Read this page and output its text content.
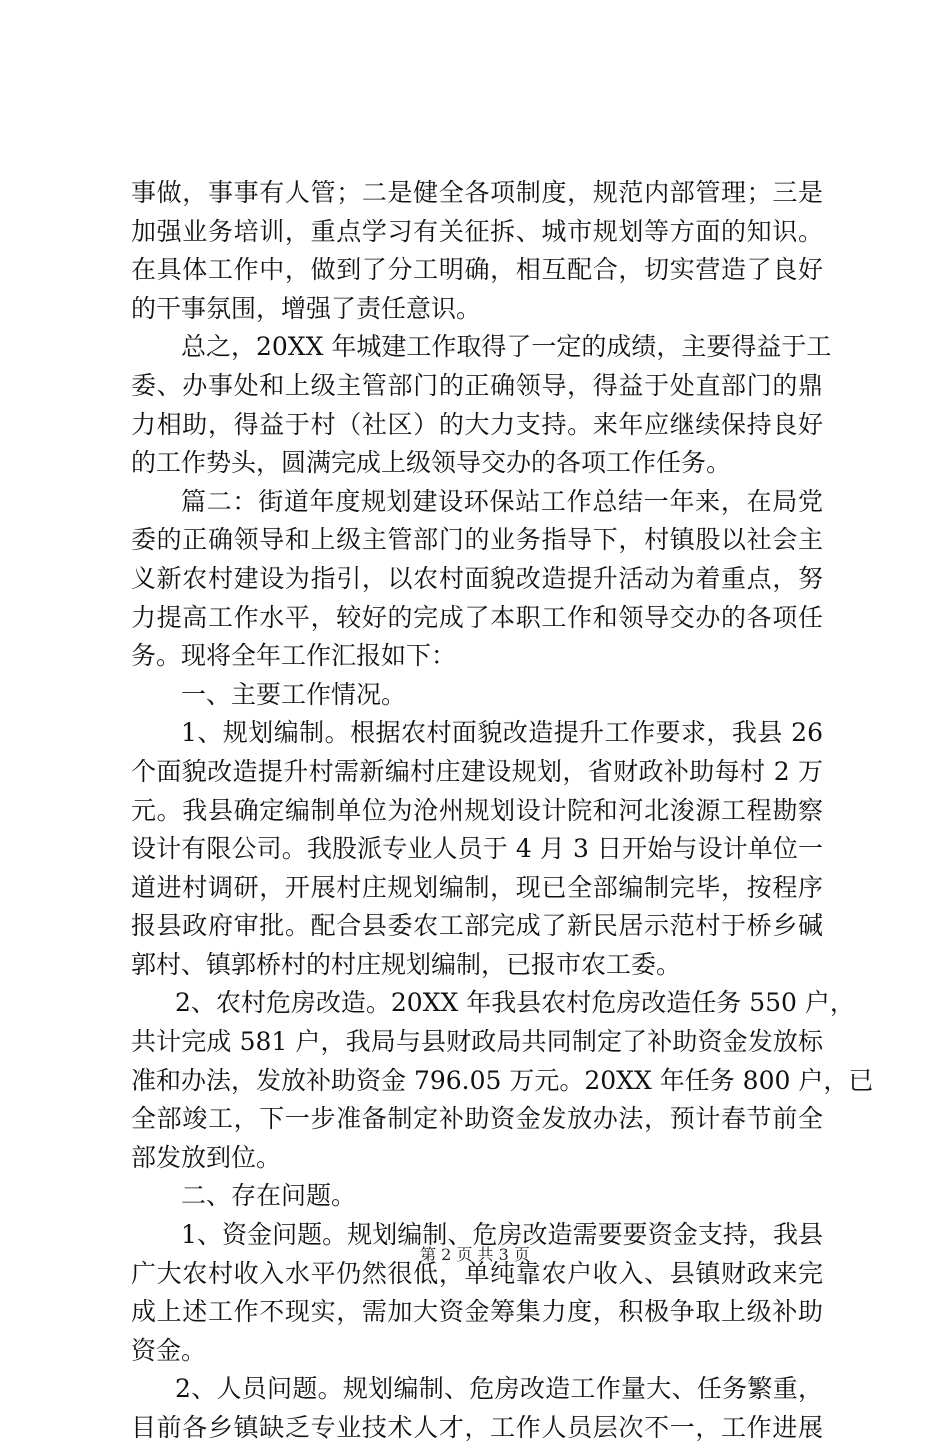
事做，事事有人管；二是健全各项制度，规范内部管理；三是
加强业务培训，重点学习有关征拆、城市规划等方面的知识。
在具体工作中，做到了分工明确，相互配合，切实营造了良好
的干事氛围，增强了责任意识。
总之，20XX 年城建工作取得了一定的成绩，主要得益于工
委、办事处和上级主管部门的正确领导，得益于处直部门的鼎
力相助，得益于村（社区）的大力支持。来年应继续保持良好
的工作势头，圆满完成上级领导交办的各项工作任务。
篇二：街道年度规划建设环保站工作总结一年来，在局党
委的正确领导和上级主管部门的业务指导下，村镇股以社会主
义新农村建设为指引，以农村面貌改造提升活动为着重点，努
力提高工作水平，较好的完成了本职工作和领导交办的各项任
务。现将全年工作汇报如下：
一、主要工作情况。
1、规划编制。根据农村面貌改造提升工作要求，我县 26
个面貌改造提升村需新编村庄建设规划，省财政补助每村 2 万
元。我县确定编制单位为沧州规划设计院和河北浚源工程勘察
设计有限公司。我股派专业人员于 4 月 3 日开始与设计单位一
道进村调研，开展村庄规划编制，现已全部编制完毕，按程序
报县政府审批。配合县委农工部完成了新民居示范村于桥乡碱
郭村、镇郭桥村的村庄规划编制，已报市农工委。
2、农村危房改造。20XX 年我县农村危房改造任务 550 户，
共计完成 581 户，我局与县财政局共同制定了补助资金发放标
准和办法，发放补助资金 796.05 万元。20XX 年任务 800 户，已
全部竣工，下一步准备制定补助资金发放办法，预计春节前全
部发放到位。
二、存在问题。
1、资金问题。规划编制、危房改造需要要资金支持，我县
广大农村收入水平仍然很低，单纯靠农户收入、县镇财政来完
成上述工作不现实，需加大资金筹集力度，积极争取上级补助
资金。
2、人员问题。规划编制、危房改造工作量大、任务繁重，
目前各乡镇缺乏专业技术人才，工作人员层次不一，工作进展
第 2 页 共 3 页
